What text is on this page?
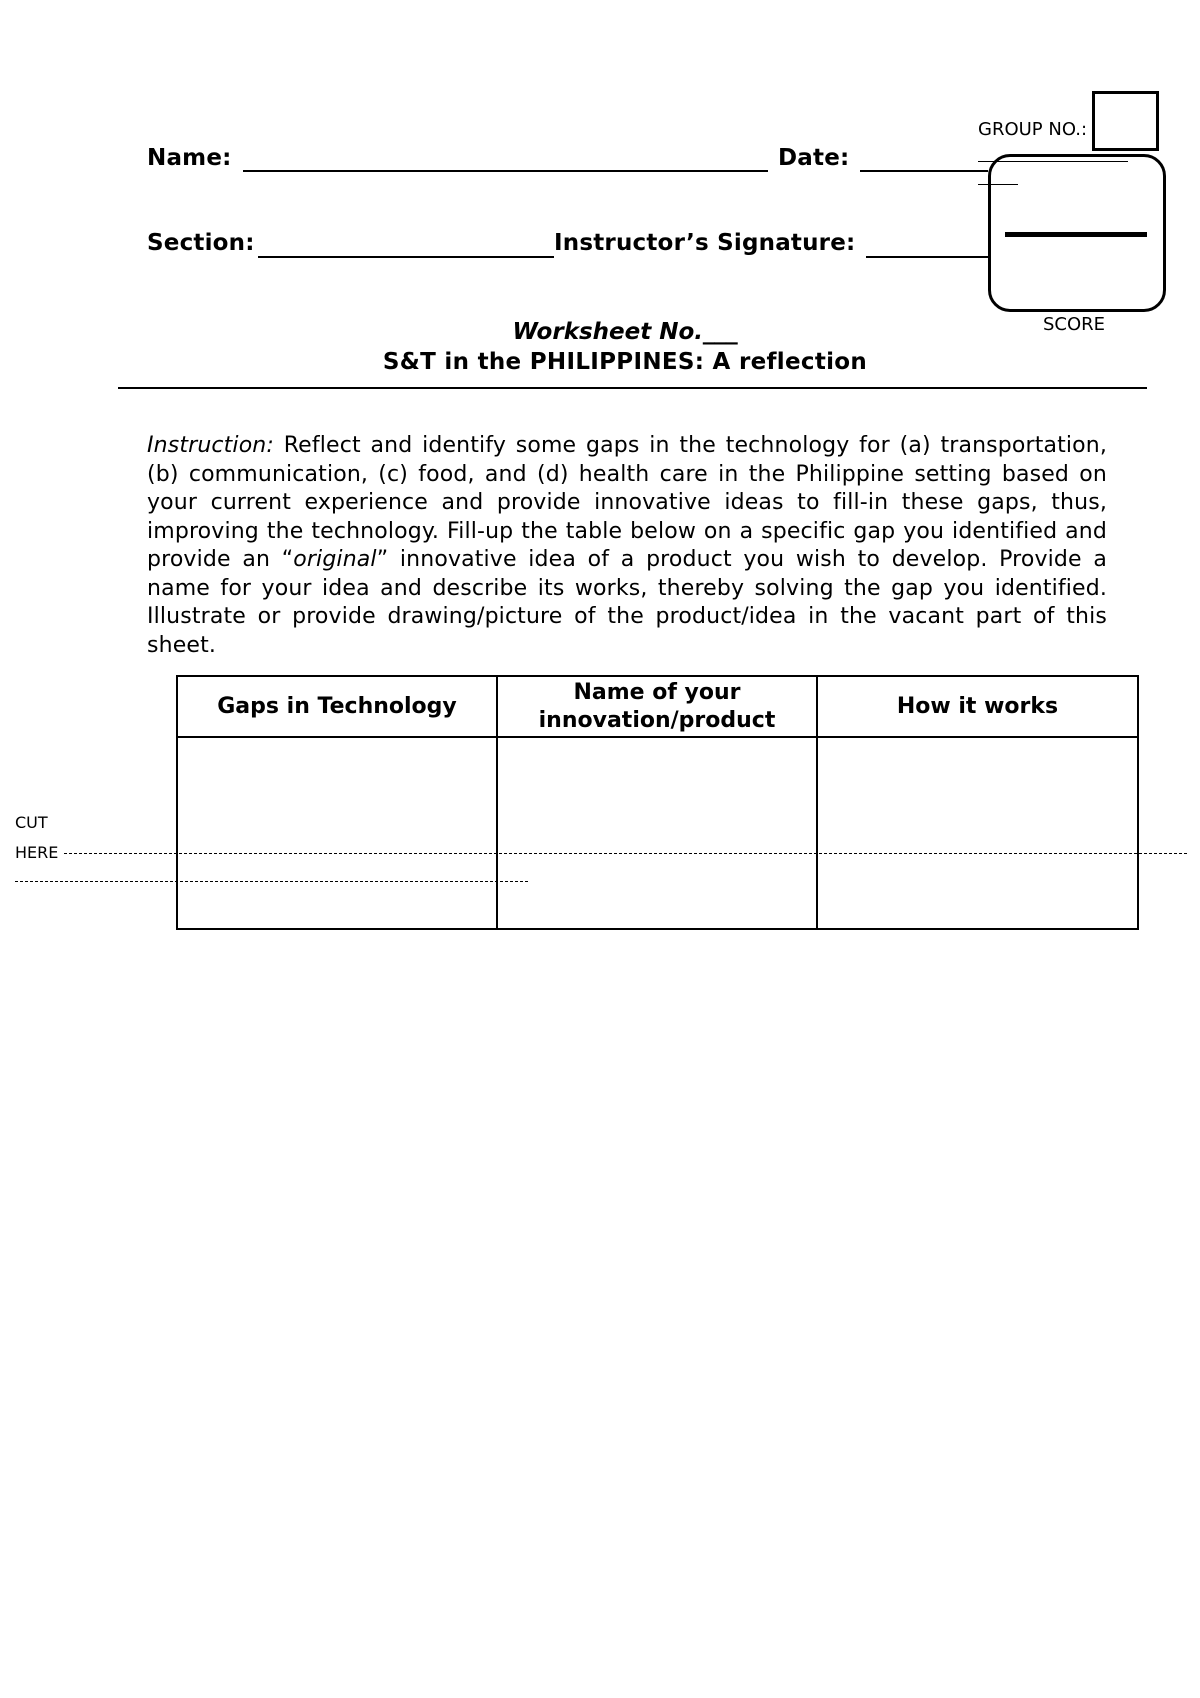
Name:	Date:
Section:	Instructor’s Signature:
GROUP NO.:
SCORE
Worksheet No.___
S&T in the PHILIPPINES: A reflection
Instruction: Reflect and identify some gaps in the technology for (a) transportation, (b) communication, (c) food, and (d) health care in the Philippine setting based on your current experience and provide innovative ideas to fill-in these gaps, thus, improving the technology. Fill-up the table below on a specific gap you identified and provide an “original” innovative idea of a product you wish to develop. Provide a name for your idea and describe its works, thereby solving the gap you identified. Illustrate or provide drawing/picture of the product/idea in the vacant part of this sheet.
Gaps in Technology	Name of your innovation/product	How it works

CUT
HERE
